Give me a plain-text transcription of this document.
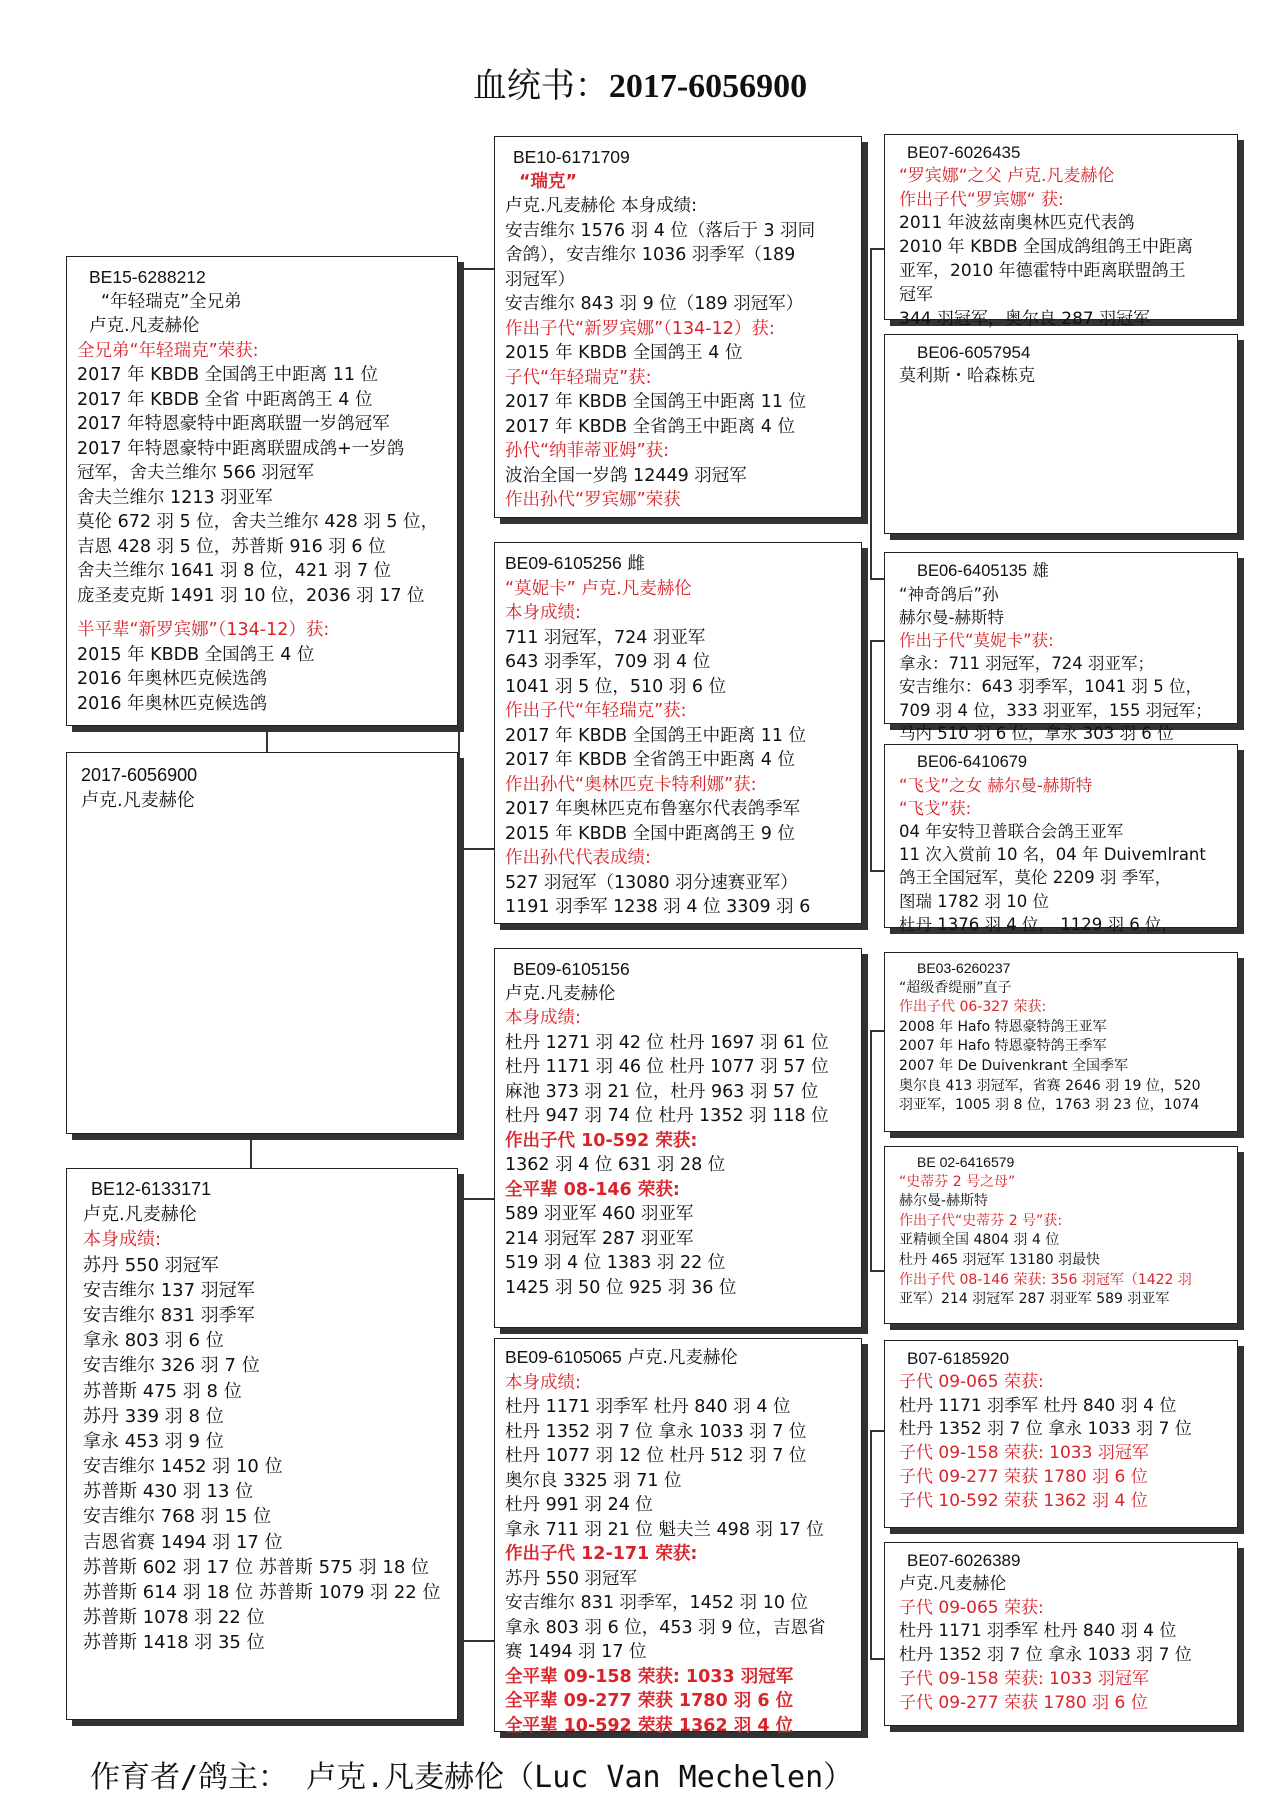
血统书：2017-6056900
BE15-6288212
“年轻瑞克”全兄弟
卢克.凡麦赫伦
全兄弟“年轻瑞克”荣获:
2017 年 KBDB 全国鸽王中距离 11 位
2017 年 KBDB 全省 中距离鸽王 4 位
2017 年特恩豪特中距离联盟一岁鸽冠军
2017 年特恩豪特中距离联盟成鸽+一岁鸽
冠军，舍夫兰维尔 566 羽冠军
舍夫兰维尔 1213 羽亚军
莫伦 672 羽 5 位，舍夫兰维尔 428 羽 5 位，
吉恩 428 羽 5 位，苏普斯 916 羽 6 位
舍夫兰维尔 1641 羽 8 位，421 羽 7 位
庞圣麦克斯 1491 羽 10 位，2036 羽 17 位
半平辈“新罗宾娜”（134-12）获:
2015 年 KBDB 全国鸽王 4 位
2016 年奥林匹克候选鸽
2016 年奥林匹克候选鸽
2017-6056900
卢克.凡麦赫伦
BE12-6133171
卢克.凡麦赫伦
本身成绩:
苏丹 550 羽冠军
安吉维尔 137 羽冠军
安吉维尔 831 羽季军
拿永 803 羽 6 位
安吉维尔 326 羽 7 位
苏普斯 475 羽 8 位
苏丹 339 羽 8 位
拿永 453 羽 9 位
安吉维尔 1452 羽 10 位
苏普斯 430 羽 13 位
安吉维尔 768 羽 15 位
吉恩省赛 1494 羽 17 位
苏普斯 602 羽 17 位 苏普斯 575 羽 18 位
苏普斯 614 羽 18 位 苏普斯 1079 羽 22 位
苏普斯 1078 羽 22 位
苏普斯 1418 羽 35 位
BE10-6171709
“瑞克”
卢克.凡麦赫伦 本身成绩:
安吉维尔 1576 羽 4 位（落后于 3 羽同
舍鸽），安吉维尔 1036 羽季军（189
羽冠军）
安吉维尔 843 羽 9 位（189 羽冠军）
作出子代“新罗宾娜”（134-12）获:
2015 年 KBDB 全国鸽王 4 位
子代“年轻瑞克”获:
2017 年 KBDB 全国鸽王中距离 11 位
2017 年 KBDB 全省鸽王中距离 4 位
孙代“纳菲蒂亚姆”获:
波治全国一岁鸽 12449 羽冠军
作出孙代“罗宾娜”荣获
BE09-6105256 雌
“莫妮卡” 卢克.凡麦赫伦
本身成绩:
711 羽冠军，724 羽亚军
643 羽季军，709 羽 4 位
1041 羽 5 位，510 羽 6 位
作出子代“年轻瑞克”获:
2017 年 KBDB 全国鸽王中距离 11 位
2017 年 KBDB 全省鸽王中距离 4 位
作出孙代“奥林匹克卡特利娜”获:
2017 年奥林匹克布鲁塞尔代表鸽季军
2015 年 KBDB 全国中距离鸽王 9 位
作出孙代代表成绩:
527 羽冠军（13080 羽分速赛亚军）
1191 羽季军 1238 羽 4 位 3309 羽 6
BE09-6105156
卢克.凡麦赫伦
本身成绩:
杜丹 1271 羽 42 位 杜丹 1697 羽 61 位
杜丹 1171 羽 46 位 杜丹 1077 羽 57 位
麻池 373 羽 21 位，杜丹 963 羽 57 位
杜丹 947 羽 74 位 杜丹 1352 羽 118 位
作出子代 10-592 荣获:
1362 羽 4 位 631 羽 28 位
全平辈 08-146 荣获:
589 羽亚军 460 羽亚军
214 羽冠军 287 羽亚军
519 羽 4 位 1383 羽 22 位
1425 羽 50 位 925 羽 36 位
BE09-6105065 卢克.凡麦赫伦
本身成绩:
杜丹 1171 羽季军 杜丹 840 羽 4 位
杜丹 1352 羽 7 位 拿永 1033 羽 7 位
杜丹 1077 羽 12 位 杜丹 512 羽 7 位
奥尔良 3325 羽 71 位
杜丹 991 羽 24 位
拿永 711 羽 21 位 魁夫兰 498 羽 17 位
作出子代 12-171 荣获:
苏丹 550 羽冠军
安吉维尔 831 羽季军，1452 羽 10 位
拿永 803 羽 6 位，453 羽 9 位，吉恩省
赛 1494 羽 17 位
全平辈 09-158 荣获: 1033 羽冠军
全平辈 09-277 荣获 1780 羽 6 位
全平辈 10-592 荣获 1362 羽 4 位
BE07-6026435
“罗宾娜“之父 卢克.凡麦赫伦
作出子代“罗宾娜“ 获:
2011 年波兹南奥林匹克代表鸽
2010 年 KBDB 全国成鸽组鸽王中距离
亚军，2010 年德霍特中距离联盟鸽王
冠军
344 羽冠军，奥尔良 287 羽冠军
BE06-6057954
莫利斯・哈森栋克
BE06-6405135 雄
“神奇鸽后”孙
赫尔曼-赫斯特
作出子代“莫妮卡”获:
拿永：711 羽冠军，724 羽亚军；
安吉维尔：643 羽季军，1041 羽 5 位，
709 羽 4 位，333 羽亚军，155 羽冠军；
马内 510 羽 6 位，拿永 303 羽 6 位
BE06-6410679
“飞戈”之女 赫尔曼-赫斯特
“飞戈”获:
04 年安特卫普联合会鸽王亚军
11 次入赏前 10 名，04 年 Duivemlrant
鸽王全国冠军，莫伦 2209 羽 季军，
图瑞 1782 羽 10 位
杜丹 1376 羽 4 位， 1129 羽 6 位，
BE03-6260237
“超级香缇丽”直子
作出子代 06-327 荣获:
2008 年 Hafo 特恩豪特鸽王亚军
2007 年 Hafo 特恩豪特鸽王季军
2007 年 De Duivenkrant 全国季军
奥尔良 413 羽冠军，省赛 2646 羽 19 位，520
羽亚军，1005 羽 8 位，1763 羽 23 位，1074
BE 02-6416579
“史蒂芬 2 号之母”
赫尔曼-赫斯特
作出子代“史蒂芬 2 号”获:
亚精顿全国 4804 羽 4 位
杜丹 465 羽冠军 13180 羽最快
作出子代 08-146 荣获: 356 羽冠军（1422 羽
亚军）214 羽冠军 287 羽亚军 589 羽亚军
B07-6185920
子代 09-065 荣获:
杜丹 1171 羽季军 杜丹 840 羽 4 位
杜丹 1352 羽 7 位 拿永 1033 羽 7 位
子代 09-158 荣获: 1033 羽冠军
子代 09-277 荣获 1780 羽 6 位
子代 10-592 荣获 1362 羽 4 位
BE07-6026389
卢克.凡麦赫伦
子代 09-065 荣获:
杜丹 1171 羽季军 杜丹 840 羽 4 位
杜丹 1352 羽 7 位 拿永 1033 羽 7 位
子代 09-158 荣获: 1033 羽冠军
子代 09-277 荣获 1780 羽 6 位
作育者/鸽主： 卢克.凡麦赫伦（Luc Van Mechelen）
